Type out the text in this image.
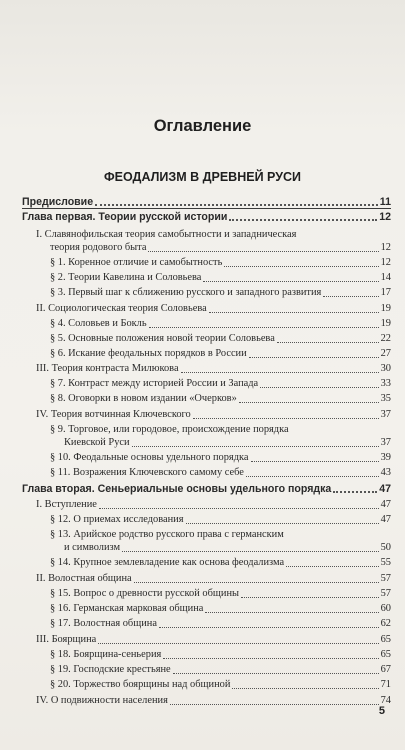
Оглавление
ФЕОДАЛИЗМ В ДРЕВНЕЙ РУСИ
5
Предисловие	11
Глава первая. Теории русской истории	12
I. Славянофильская теория самобытности и западническая
теория родового быта	12
§ 1. Коренное отличие и самобытность	12
§ 2. Теории Кавелина и Соловьева	14
§ 3. Первый шаг к сближению русского и западного развития	17
II. Социологическая теория Соловьева	19
§ 4. Соловьев и Бокль	19
§ 5. Основные положения новой теории Соловьева	22
§ 6. Искание феодальных порядков в России	27
III. Теория контраста Милюкова	30
§ 7. Контраст между историей России и Запада	33
§ 8. Оговорки в новом издании «Очерков»	35
IV. Теория вотчинная Ключевского	37
§ 9. Торговое, или городовое, происхождение порядка
Киевской Руси	37
§ 10. Феодальные основы удельного порядка	39
§ 11. Возражения Ключевского самому себе	43
Глава вторая. Сеньериальные основы удельного порядка	47
I. Вступление	47
§ 12. О приемах исследования	47
§ 13. Арийское родство русского права с германским
и символизм	50
§ 14. Крупное землевладение как основа феодализма	55
II. Волостная община	57
§ 15. Вопрос о древности русской общины	57
§ 16. Германская марковая община	60
§ 17. Волостная община	62
III. Боярщина	65
§ 18. Боярщина-сеньерия	65
§ 19. Господские крестьяне	67
§ 20. Торжество боярщины над общиной	71
IV. О подвижности населения	74
